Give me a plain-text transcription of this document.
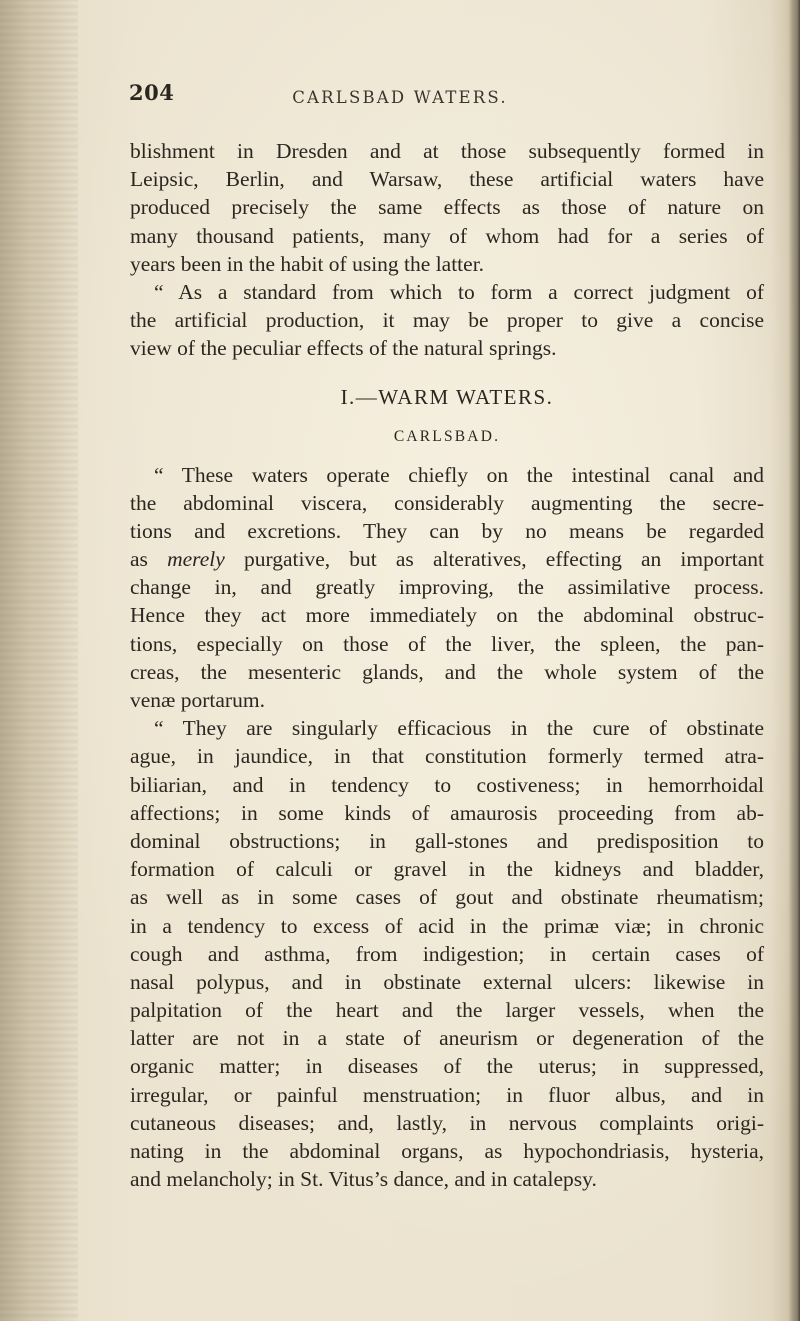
204	CARLSBAD WATERS.
blishment in Dresden and at those subsequently formed in
Leipsic, Berlin, and Warsaw, these artificial waters have
produced precisely the same effects as those of nature on
many thousand patients, many of whom had for a series of
years been in the habit of using the latter.
“ As a standard from which to form a correct judgment of
the artificial production, it may be proper to give a concise
view of the peculiar effects of the natural springs.
I.—WARM WATERS.
CARLSBAD.
“ These waters operate chiefly on the intestinal canal and
the abdominal viscera, considerably augmenting the secre-
tions and excretions. They can by no means be regarded
as merely purgative, but as alteratives, effecting an important
change in, and greatly improving, the assimilative process.
Hence they act more immediately on the abdominal obstruc-
tions, especially on those of the liver, the spleen, the pan-
creas, the mesenteric glands, and the whole system of the
venæ portarum.
“ They are singularly efficacious in the cure of obstinate
ague, in jaundice, in that constitution formerly termed atra-
biliarian, and in tendency to costiveness; in hemorrhoidal
affections; in some kinds of amaurosis proceeding from ab-
dominal obstructions; in gall-stones and predisposition to
formation of calculi or gravel in the kidneys and bladder,
as well as in some cases of gout and obstinate rheumatism;
in a tendency to excess of acid in the primæ viæ; in chronic
cough and asthma, from indigestion; in certain cases of
nasal polypus, and in obstinate external ulcers: likewise in
palpitation of the heart and the larger vessels, when the
latter are not in a state of aneurism or degeneration of the
organic matter; in diseases of the uterus; in suppressed,
irregular, or painful menstruation; in fluor albus, and in
cutaneous diseases; and, lastly, in nervous complaints origi-
nating in the abdominal organs, as hypochondriasis, hysteria,
and melancholy; in St. Vitus’s dance, and in catalepsy.
